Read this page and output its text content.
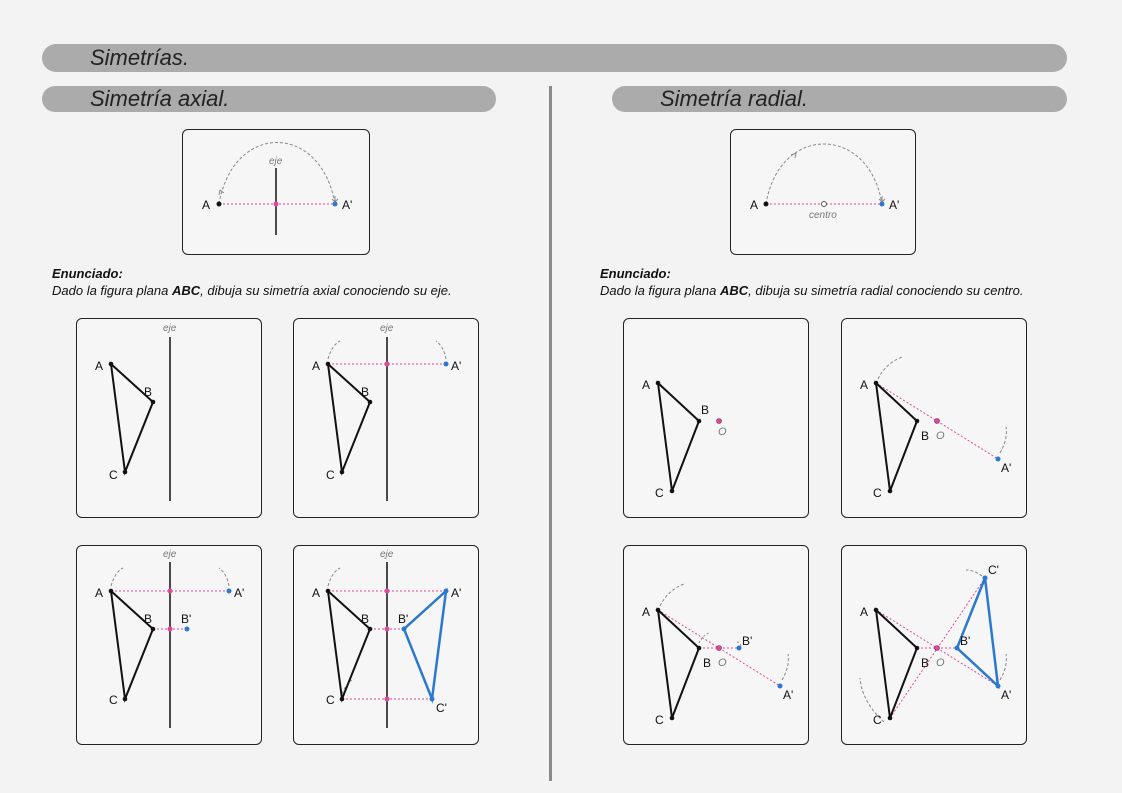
Simetrías.
Simetría axial.	Simetría radial.
eje
A	A'
Enunciado:
Dado la figura plana ABC, dibuja su simetría axial conociendo su eje.
eje
A
B
C
eje
A
B
C
A'
eje
A
B
C
A'
B'
eje
A
B
C
A'
B'
C'
centro
A	A'
Enunciado:
Dado la figura plana ABC, dibuja su simetría radial conociendo su centro.
O
A
B
C
O
A
B
C
A'
O
A
B
C
A'
B'
O
A
B
C
A'
B'
C'
